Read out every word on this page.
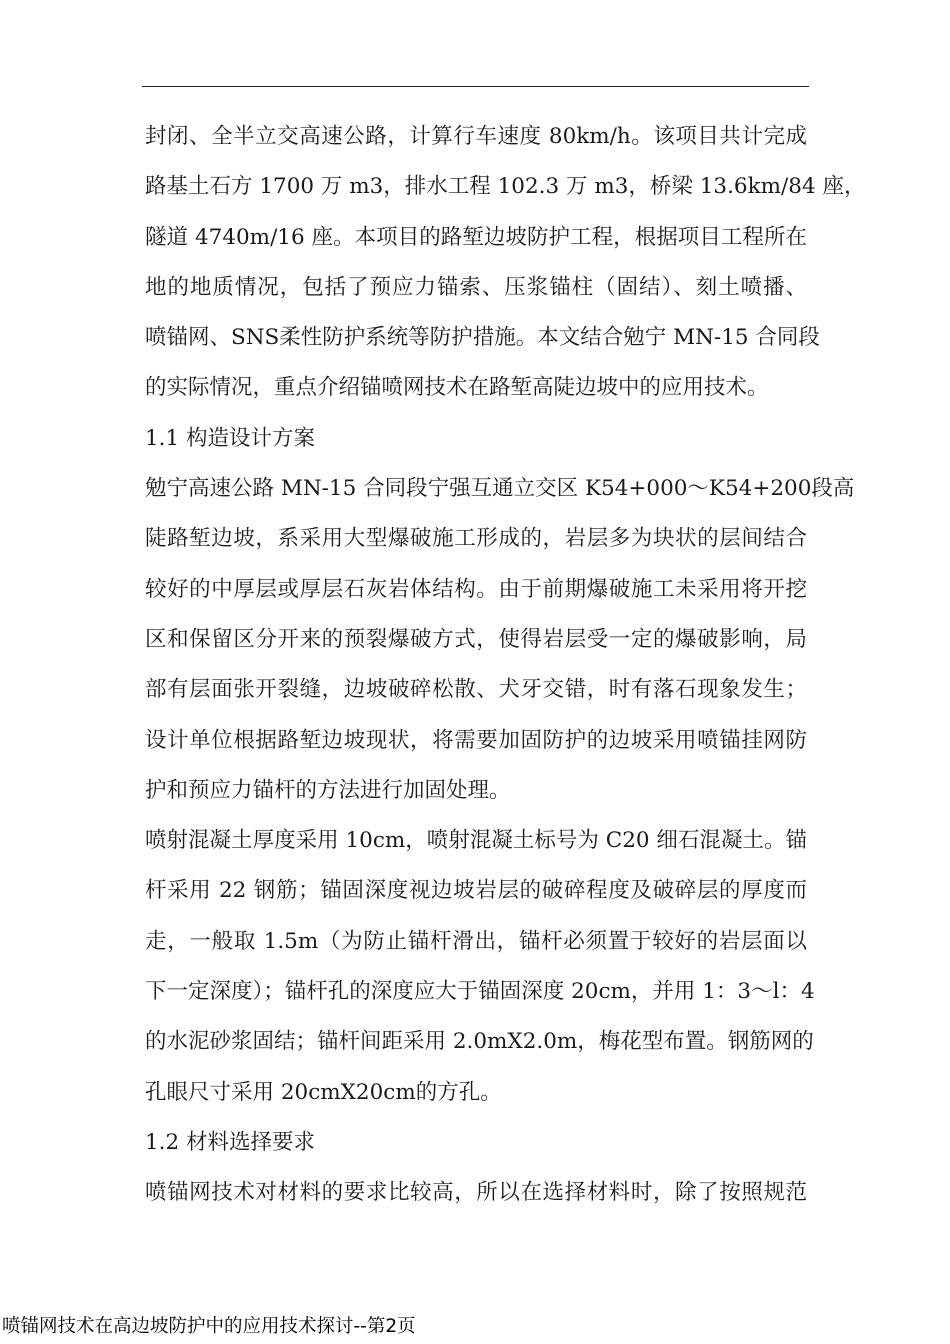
封闭、全半立交高速公路，计算行车速度 80km/h。该项目共计完成
路基土石方 1700 万 m3，排水工程 102.3 万 m3，桥梁 13.6km/84 座，
隧道 4740m/16 座。本项目的路堑边坡防护工程，根据项目工程所在
地的地质情况，包括了预应力锚索、压浆锚柱（固结）、刻土喷播、
喷锚网、SNS柔性防护系统等防护措施。本文结合勉宁 MN-15 合同段
的实际情况，重点介绍锚喷网技术在路堑高陡边坡中的应用技术。
1.1 构造设计方案
勉宁高速公路 MN-15 合同段宁强互通立交区 K54+000～K54+200段高
陡路堑边坡，系采用大型爆破施工形成的，岩层多为块状的层间结合
较好的中厚层或厚层石灰岩体结构。由于前期爆破施工未采用将开挖
区和保留区分开来的预裂爆破方式，使得岩层受一定的爆破影响，局
部有层面张开裂缝，边坡破碎松散、犬牙交错，时有落石现象发生；
设计单位根据路堑边坡现状，将需要加固防护的边坡采用喷锚挂网防
护和预应力锚杆的方法进行加固处理。
喷射混凝土厚度采用 10cm，喷射混凝土标号为 C20 细石混凝土。锚
杆采用 22 钢筋；锚固深度视边坡岩层的破碎程度及破碎层的厚度而
走，一般取 1.5m（为防止锚杆滑出，锚杆必须置于较好的岩层面以
下一定深度）；锚杆孔的深度应大于锚固深度 20cm，并用 1：3～l：4
的水泥砂浆固结；锚杆间距采用 2.0mX2.0m，梅花型布置。钢筋网的
孔眼尺寸采用 20cmX20cm的方孔。
1.2 材料选择要求
喷锚网技术对材料的要求比较高，所以在选择材料时，除了按照规范
喷锚网技术在高边坡防护中的应用技术探讨--第2页
